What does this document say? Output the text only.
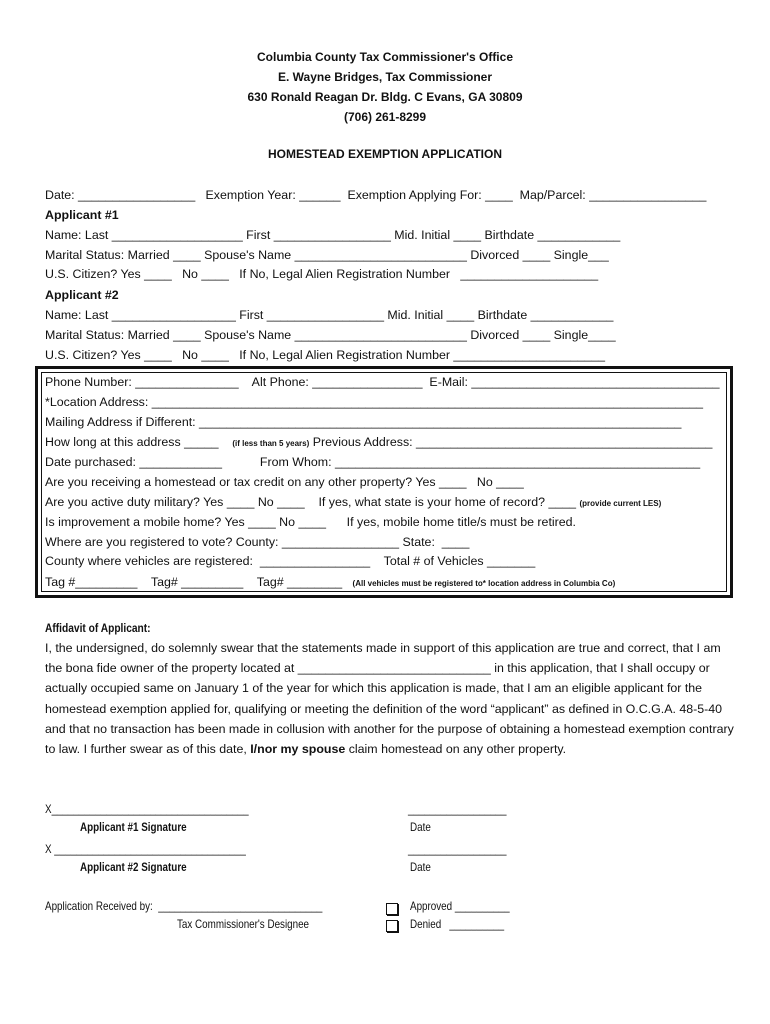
Columbia County Tax Commissioner's Office
E. Wayne Bridges, Tax Commissioner
630 Ronald Reagan Dr. Bldg. C Evans, GA 30809
(706) 261-8299
HOMESTEAD EXEMPTION APPLICATION
Date: _________________   Exemption Year: ______  Exemption Applying For: ____  Map/Parcel: _________________
Applicant #1
Name: Last ___________________ First _________________ Mid. Initial ____ Birthdate ____________
Marital Status: Married ____ Spouse's Name _________________________ Divorced ____ Single___
U.S. Citizen? Yes ____   No ____   If No, Legal Alien Registration Number   ____________________
Applicant #2
Name: Last __________________ First _________________ Mid. Initial ____ Birthdate ____________
Marital Status: Married ____ Spouse's Name _________________________ Divorced ____ Single____
U.S. Citizen? Yes ____   No ____   If No, Legal Alien Registration Number ______________________
Phone Number: _______________    Alt Phone: ________________  E-Mail: ____________________________________
*Location Address: ________________________________________________________________________________
Mailing Address if Different: ______________________________________________________________________
How long at this address _____ (if less than 5 years) Previous Address: ___________________________________________
Date purchased: ____________           From Whom: _____________________________________________________
Are you receiving a homestead or tax credit on any other property? Yes ____   No ____
Are you active duty military? Yes ____ No ____    If yes, what state is your home of record? ____ (provide current LES)
Is improvement a mobile home? Yes ____ No ____      If yes, mobile home title/s must be retired.
Where are you registered to vote? County: _________________ State:  ____
County where vehicles are registered:  ________________    Total # of Vehicles _______
Tag #_________    Tag# _________    Tag# ________   (All vehicles must be registered to* location address in Columbia Co)
Affidavit of Applicant:
I, the undersigned, do solemnly swear that the statements made in support of this application are true and correct, that I am the bona fide owner of the property located at ____________________________ in this application, that I shall occupy or actually occupied same on January 1 of the year for which this application is made, that I am an eligible applicant for the homestead exemption applied for, qualifying or meeting the definition of the word “applicant” as defined in O.C.G.A. 48-5-40 and that no transaction has been made in collusion with another for the purpose of obtaining a homestead exemption contrary to law. I further swear as of this date, I/nor my spouse claim homestead on any other property.
X____________________________________
Applicant #1 Signature
__________________
Date
X ___________________________________
Applicant #2 Signature
__________________
Date
Application Received by:  ______________________________
Tax Commissioner's Designee
Approved __________
Denied   __________
